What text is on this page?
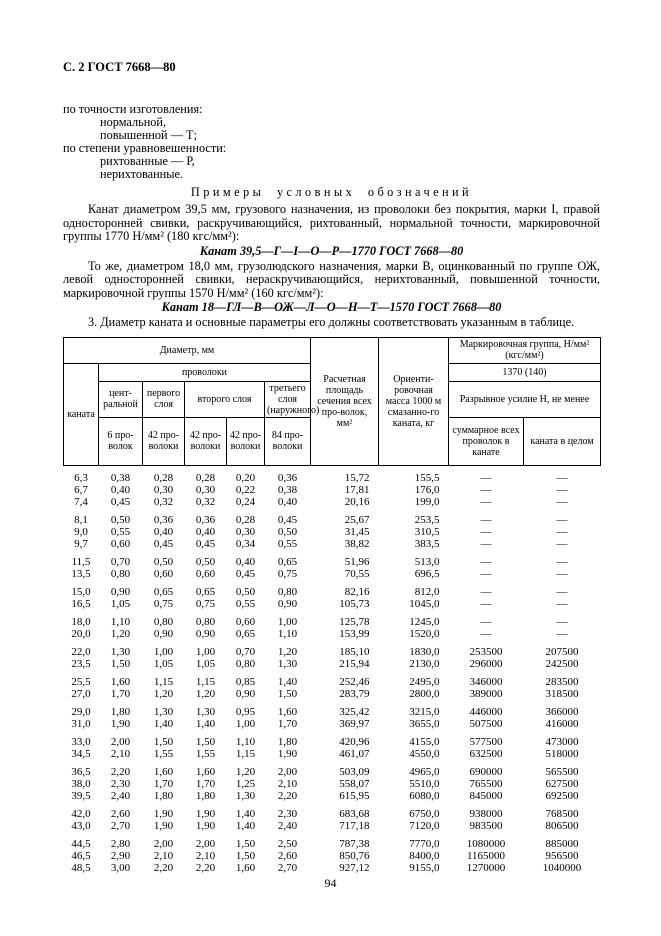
С. 2 ГОСТ 7668—80
по точности изготовления:
нормальной,
повышенной — Т;
по степени уравновешенности:
рихтованные — Р,
нерихтованные.
Примеры условных обозначений

Канат диаметром 39,5 мм, грузового назначения, из проволоки без покрытия, марки I, правой односторонней свивки, раскручивающийся, рихтованный, нормальной точности, маркировочной группы 1770 Н/мм² (180 кгс/мм²):

Канат 39,5—Г—I—О—Р—1770 ГОСТ 7668—80

То же, диаметром 18,0 мм, грузолюдского назначения, марки В, оцинкованный по группе ОЖ, левой односторонней свивки, нераскручивающийся, нерихтованный, повышенной точности, маркировочной группы 1570 Н/мм² (160 кгс/мм²):

Канат 18—ГЛ—В—ОЖ—Л—О—Н—Т—1570 ГОСТ 7668—80

3. Диаметр каната и основные параметры его должны соответствовать указанным в таблице.

Диаметр, мм						Расчетная площадь сечения всех про-волок, мм²	Ориенти-ровочная масса 1000 м смазанно-го каната, кг	Маркировочная группа, Н/мм² (кгс/мм²)	
каната	проволоки							1370 (140)	
	цент-ральной	первого слоя	второго слоя		третьего слоя (наружного)			Разрывное усилие Н, не менее	
	6 про-волок	42 про-волоки	42 про-волоки	42 про-волоки	84 про-волоки			суммарное всех проволок в канате	каната в целом
6,3	0,38	0,28	0,28	0,20	0,36	15,72	155,5	—	—
6,7	0,40	0,30	0,30	0,22	0,38	17,81	176,0	—	—
7,4	0,45	0,32	0,32	0,24	0,40	20,16	199,0	—	—
8,1	0,50	0,36	0,36	0,28	0,45	25,67	253,5	—	—
9,0	0,55	0,40	0,40	0,30	0,50	31,45	310,5	—	—
9,7	0,60	0,45	0,45	0,34	0,55	38,82	383,5	—	—
11,5	0,70	0,50	0,50	0,40	0,65	51,96	513,0	—	—
13,5	0,80	0,60	0,60	0,45	0,75	70,55	696,5	—	—
15,0	0,90	0,65	0,65	0,50	0,80	82,16	812,0	—	—
16,5	1,05	0,75	0,75	0,55	0,90	105,73	1045,0	—	—
18,0	1,10	0,80	0,80	0,60	1,00	125,78	1245,0	—	—
20,0	1,20	0,90	0,90	0,65	1,10	153,99	1520,0	—	—
22,0	1,30	1,00	1,00	0,70	1,20	185,10	1830,0	253500	207500
23,5	1,50	1,05	1,05	0,80	1,30	215,94	2130,0	296000	242500
25,5	1,60	1,15	1,15	0,85	1,40	252,46	2495,0	346000	283500
27,0	1,70	1,20	1,20	0,90	1,50	283,79	2800,0	389000	318500
29,0	1,80	1,30	1,30	0,95	1,60	325,42	3215,0	446000	366000
31,0	1,90	1,40	1,40	1,00	1,70	369,97	3655,0	507500	416000
33,0	2,00	1,50	1,50	1,10	1,80	420,96	4155,0	577500	473000
34,5	2,10	1,55	1,55	1,15	1,90	461,07	4550,0	632500	518000
36,5	2,20	1,60	1,60	1,20	2,00	503,09	4965,0	690000	565500
38,0	2,30	1,70	1,70	1,25	2,10	558,07	5510,0	765500	627500
39,5	2,40	1,80	1,80	1,30	2,20	615,95	6080,0	845000	692500
42,0	2,60	1,90	1,90	1,40	2,30	683,68	6750,0	938000	768500
43,0	2,70	1,90	1,90	1,40	2,40	717,18	7120,0	983500	806500
44,5	2,80	2,00	2,00	1,50	2,50	787,38	7770,0	1080000	885000
46,5	2,90	2,10	2,10	1,50	2,60	850,76	8400,0	1165000	956500
48,5	3,00	2,20	2,20	1,60	2,70	927,12	9155,0	1270000	1040000
94
